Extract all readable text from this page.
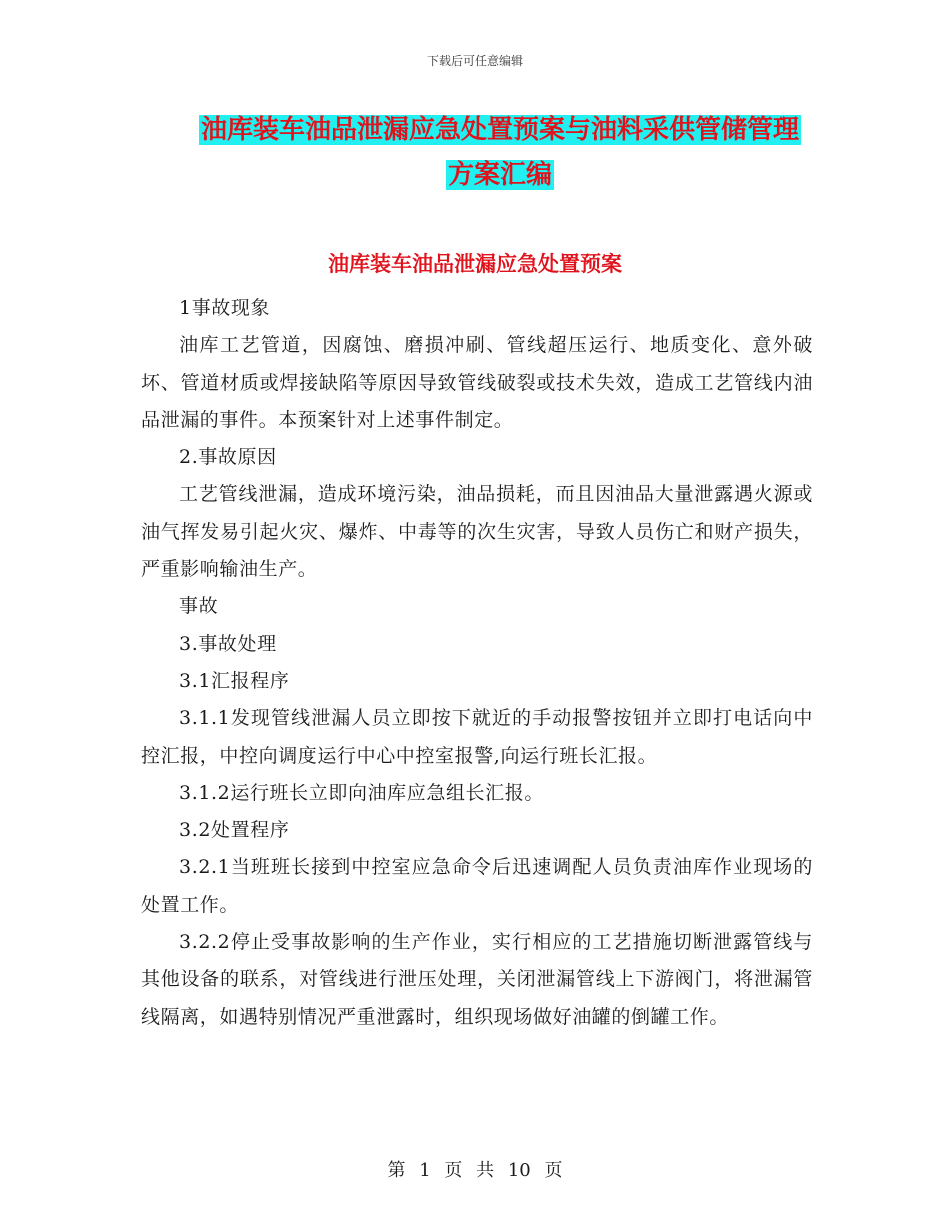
下载后可任意编辑
油库装车油品泄漏应急处置预案与油料采供管储管理
方案汇编
油库装车油品泄漏应急处置预案

1事故现象

油库工艺管道，因腐蚀、磨损冲刷、管线超压运行、地质变化、意外破坏、管道材质或焊接缺陷等原因导致管线破裂或技术失效，造成工艺管线内油品泄漏的事件。本预案针对上述事件制定。

2.事故原因

工艺管线泄漏，造成环境污染，油品损耗，而且因油品大量泄露遇火源或油气挥发易引起火灾、爆炸、中毒等的次生灾害，导致人员伤亡和财产损失，严重影响输油生产。

事故

3.事故处理

3.1汇报程序

3.1.1发现管线泄漏人员立即按下就近的手动报警按钮并立即打电话向中控汇报，中控向调度运行中心中控室报警,向运行班长汇报。

3.1.2运行班长立即向油库应急组长汇报。

3.2处置程序

3.2.1当班班长接到中控室应急命令后迅速调配人员负责油库作业现场的处置工作。

3.2.2停止受事故影响的生产作业，实行相应的工艺措施切断泄露管线与其他设备的联系，对管线进行泄压处理，关闭泄漏管线上下游阀门，将泄漏管线隔离，如遇特别情况严重泄露时，组织现场做好油罐的倒罐工作。

第 1 页 共 10 页
